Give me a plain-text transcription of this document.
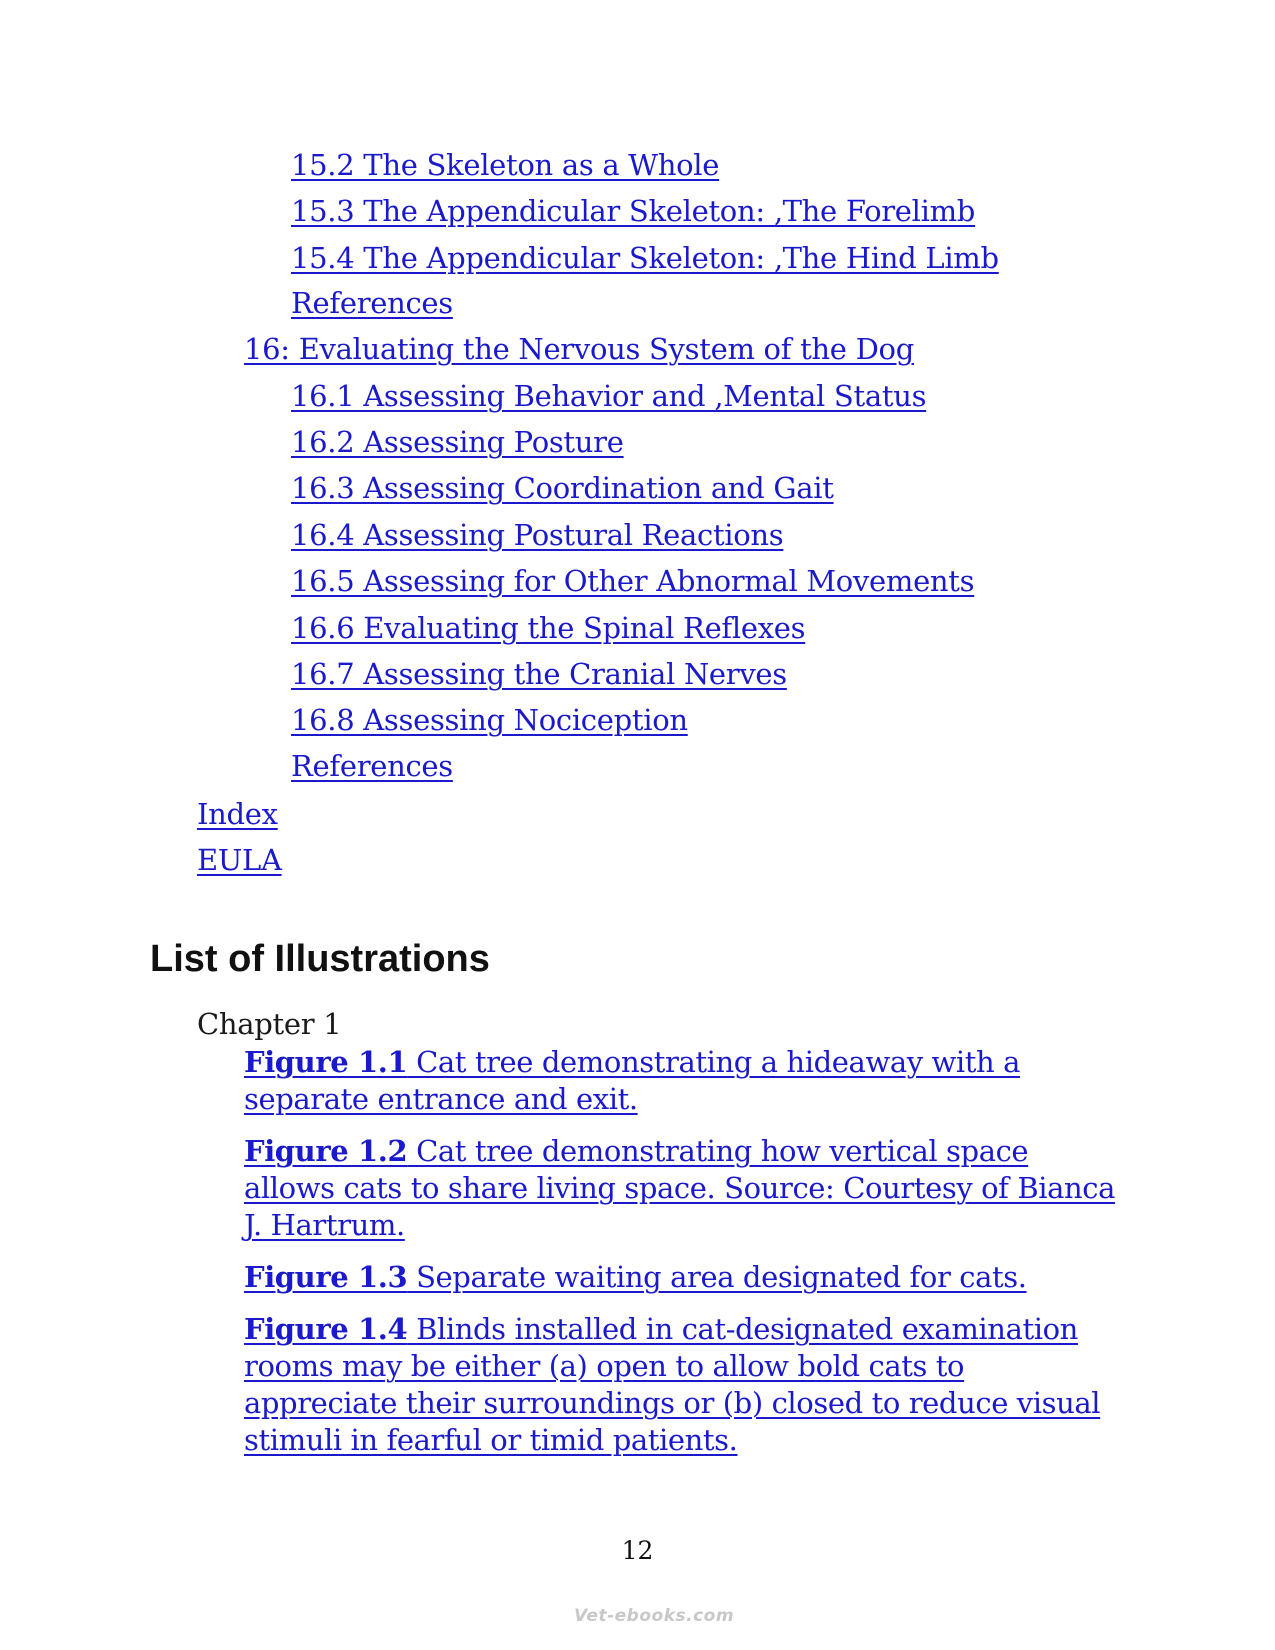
15.2 The Skeleton as a Whole
15.3 The Appendicular Skeleton: ‚The Forelimb
15.4 The Appendicular Skeleton: ‚The Hind Limb
References
16: Evaluating the Nervous System of the Dog
16.1 Assessing Behavior and ‚Mental Status
16.2 Assessing Posture
16.3 Assessing Coordination and Gait
16.4 Assessing Postural Reactions
16.5 Assessing for Other Abnormal Movements
16.6 Evaluating the Spinal Reflexes
16.7 Assessing the Cranial Nerves
16.8 Assessing Nociception
References
Index
EULA
List of Illustrations
Chapter 1
Figure 1.1 Cat tree demonstrating a hideaway with a separate entrance and exit.
Figure 1.2 Cat tree demonstrating how vertical space allows cats to share living space. Source: Courtesy of Bianca J. Hartrum.
Figure 1.3 Separate waiting area designated for cats.
Figure 1.4 Blinds installed in cat-designated examination rooms may be either (a) open to allow bold cats to appreciate their surroundings or (b) closed to reduce visual stimuli in fearful or timid patients.
12
Vet-ebooks.com
